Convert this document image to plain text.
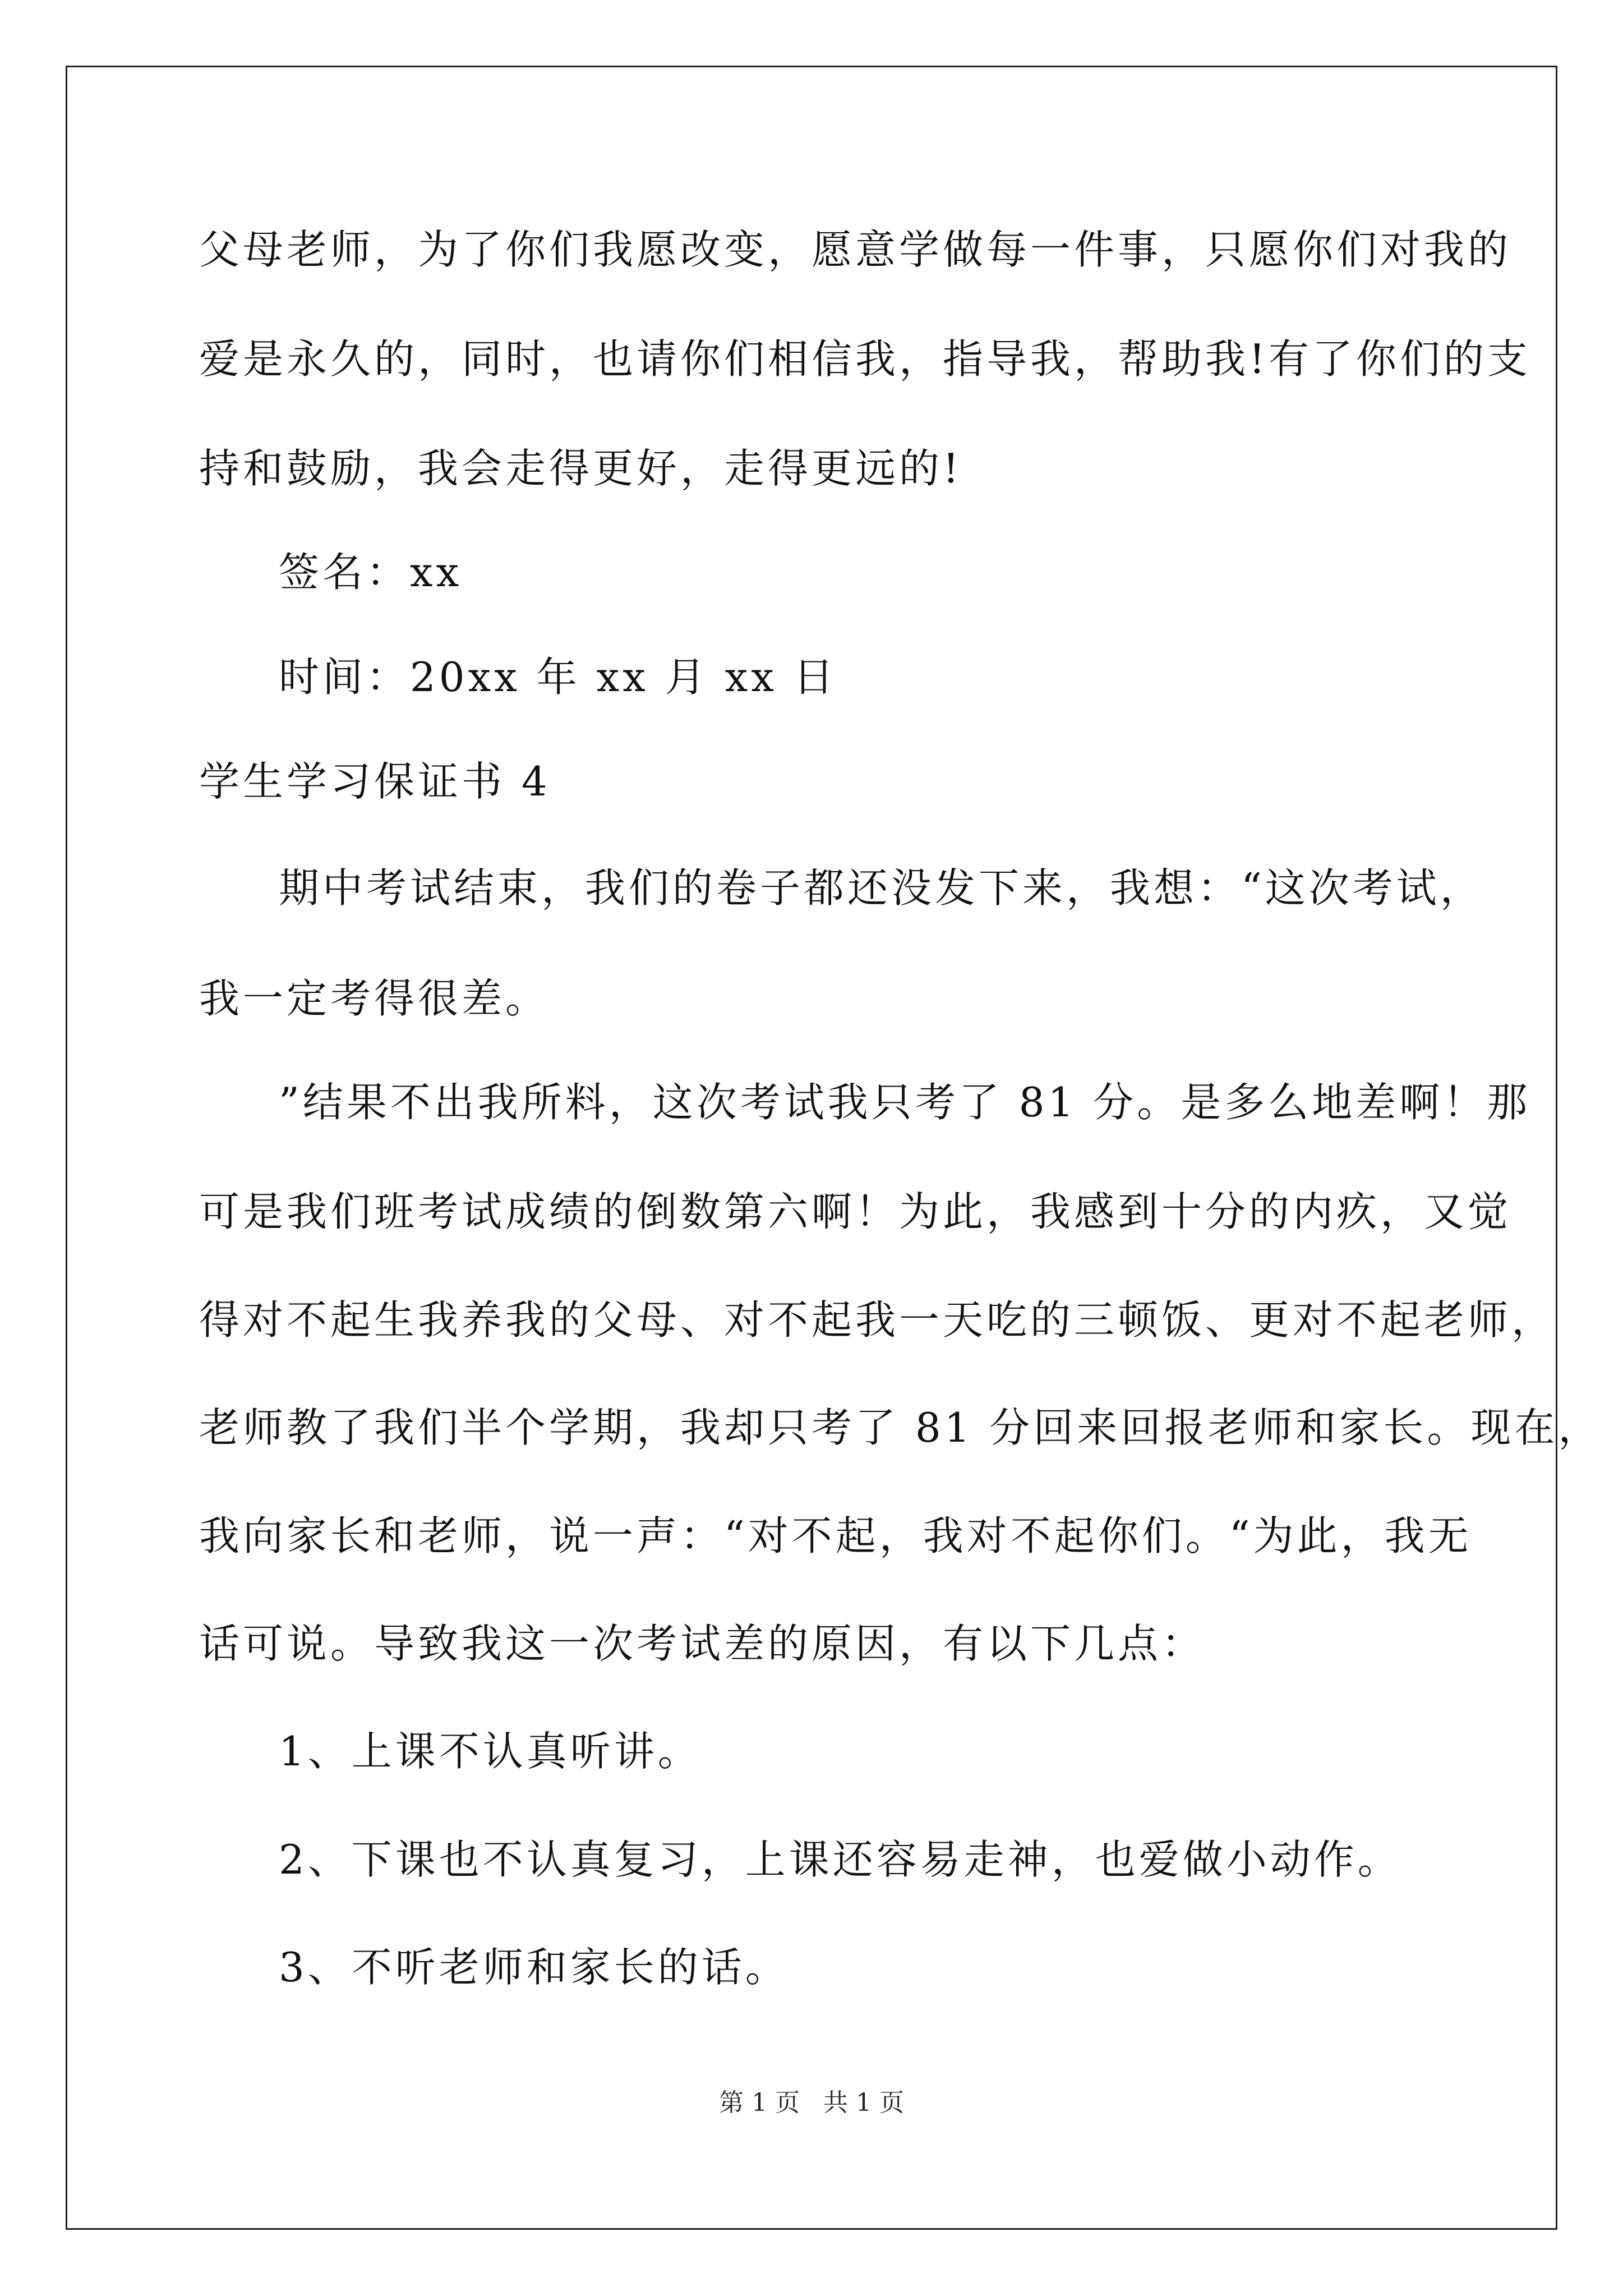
父母老师，为了你们我愿改变，愿意学做每一件事，只愿你们对我的
爱是永久的，同时，也请你们相信我，指导我，帮助我!有了你们的支
持和鼓励，我会走得更好，走得更远的!
签名：xx
时间：20xx 年 xx 月 xx 日
学生学习保证书 4
期中考试结束，我们的卷子都还没发下来，我想：“这次考试，
我一定考得很差。
”结果不出我所料，这次考试我只考了 81 分。是多么地差啊！那
可是我们班考试成绩的倒数第六啊！为此，我感到十分的内疚，又觉
得对不起生我养我的父母、对不起我一天吃的三顿饭、更对不起老师，
老师教了我们半个学期，我却只考了 81 分回来回报老师和家长。现在，
我向家长和老师，说一声：“对不起，我对不起你们。“为此，我无
话可说。导致我这一次考试差的原因，有以下几点：
1、上课不认真听讲。
2、下课也不认真复习，上课还容易走神，也爱做小动作。
3、不听老师和家长的话。
第 1 页   共 1 页
